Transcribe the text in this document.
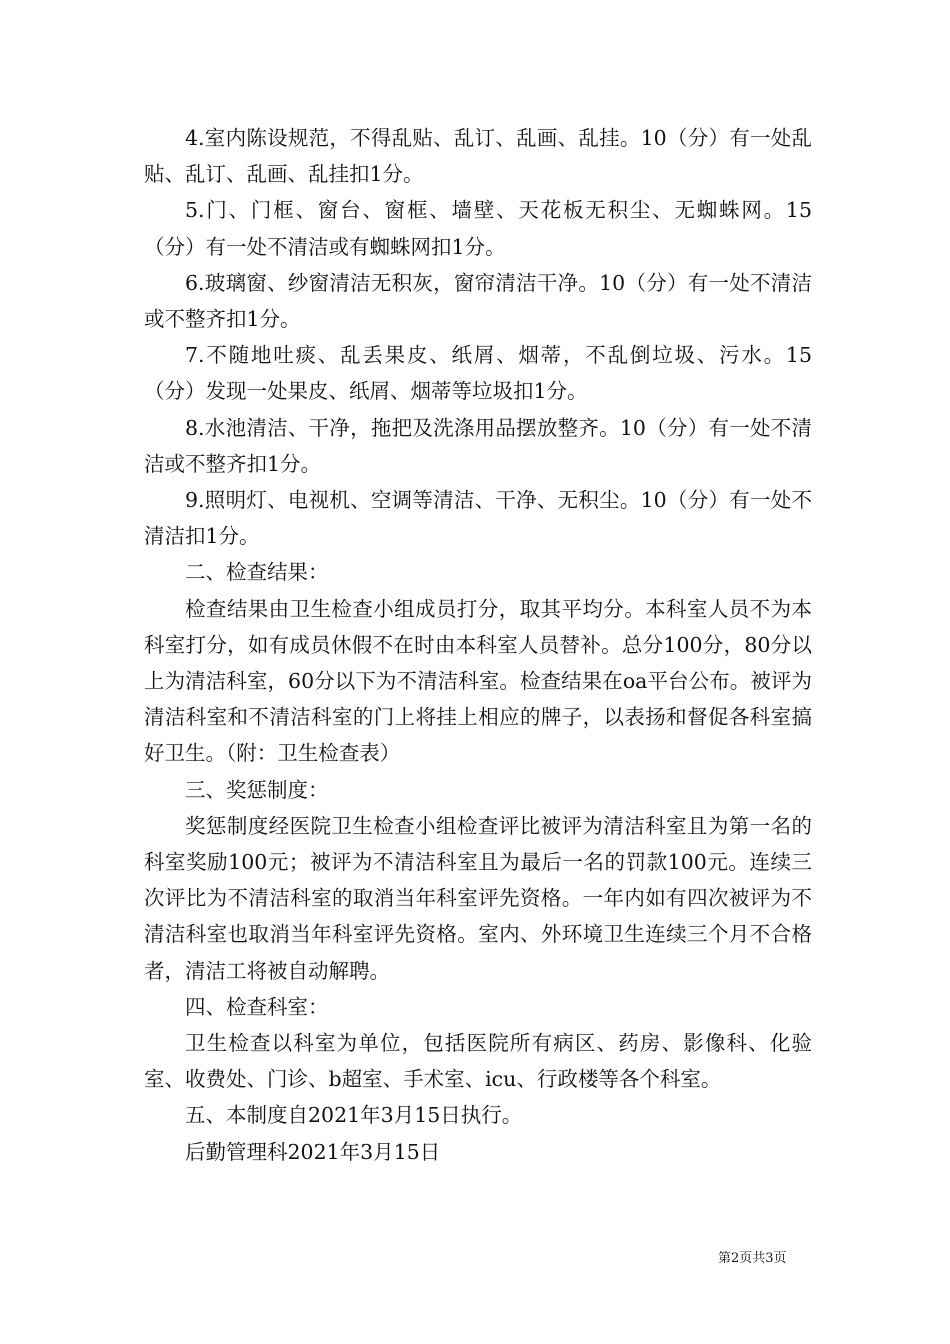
4.室内陈设规范，不得乱贴、乱订、乱画、乱挂。10（分）有一处乱贴、乱订、乱画、乱挂扣1分。

5.门、门框、窗台、窗框、墙壁、天花板无积尘、无蜘蛛网。15（分）有一处不清洁或有蜘蛛网扣1分。

6.玻璃窗、纱窗清洁无积灰，窗帘清洁干净。10（分）有一处不清洁或不整齐扣1分。

7.不随地吐痰、乱丢果皮、纸屑、烟蒂，不乱倒垃圾、污水。15（分）发现一处果皮、纸屑、烟蒂等垃圾扣1分。

8.水池清洁、干净，拖把及洗涤用品摆放整齐。10（分）有一处不清洁或不整齐扣1分。

9.照明灯、电视机、空调等清洁、干净、无积尘。10（分）有一处不清洁扣1分。

二、检查结果：

检查结果由卫生检查小组成员打分，取其平均分。本科室人员不为本科室打分，如有成员休假不在时由本科室人员替补。总分100分，80分以上为清洁科室，60分以下为不清洁科室。检查结果在oa平台公布。被评为清洁科室和不清洁科室的门上将挂上相应的牌子，以表扬和督促各科室搞好卫生。（附：卫生检查表）

三、奖惩制度：

奖惩制度经医院卫生检查小组检查评比被评为清洁科室且为第一名的科室奖励100元；被评为不清洁科室且为最后一名的罚款100元。连续三次评比为不清洁科室的取消当年科室评先资格。一年内如有四次被评为不清洁科室也取消当年科室评先资格。室内、外环境卫生连续三个月不合格者，清洁工将被自动解聘。

四、检查科室：

卫生检查以科室为单位，包括医院所有病区、药房、影像科、化验室、收费处、门诊、b超室、手术室、icu、行政楼等各个科室。

五、本制度自2021年3月15日执行。

后勤管理科2021年3月15日

第2页共3页
